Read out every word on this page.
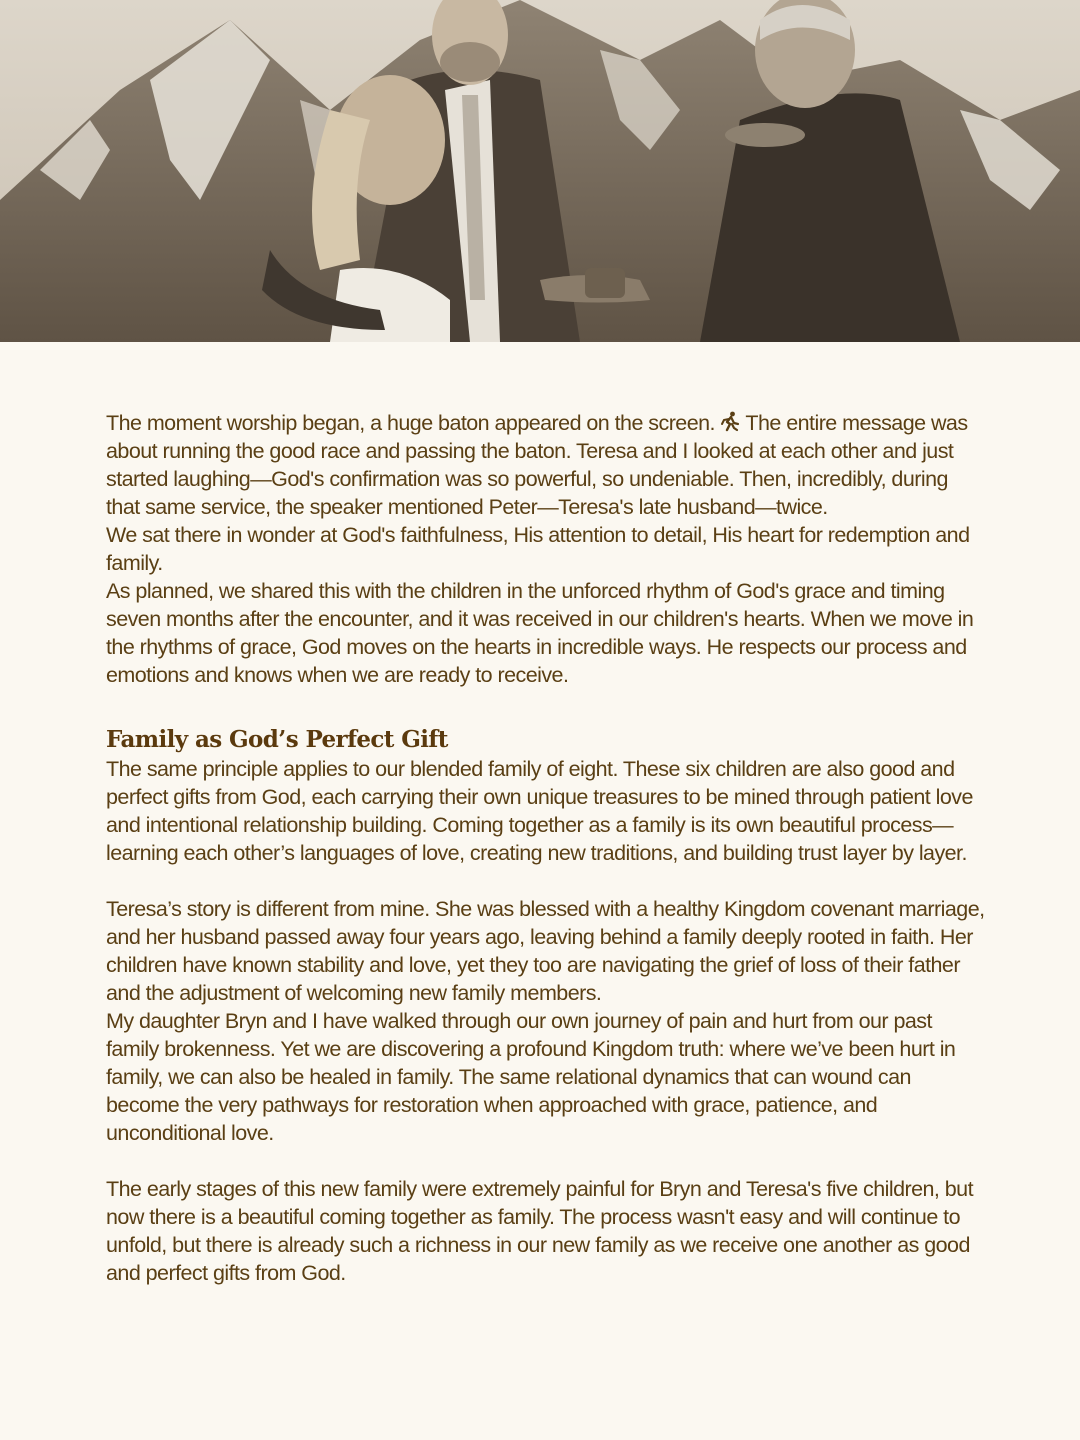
The moment worship began, a huge baton appeared on the screen.  The entire message was about running the good race and passing the baton. Teresa and I looked at each other and just started laughing—God's confirmation was so powerful, so undeniable. Then, incredibly, during that same service, the speaker mentioned Peter—Teresa's late husband—twice.

We sat there in wonder at God's faithfulness, His attention to detail, His heart for redemption and family.

As planned, we shared this with the children in the unforced rhythm of God's grace and timing seven months after the encounter, and it was received in our children's hearts. When we move in the rhythms of grace, God moves on the hearts in incredible ways. He respects our process and emotions and knows when we are ready to receive.

Family as God’s Perfect Gift

The same principle applies to our blended family of eight. These six children are also good and perfect gifts from God, each carrying their own unique treasures to be mined through patient love and intentional relationship building. Coming together as a family is its own beautiful process—learning each other’s languages of love, creating new traditions, and building trust layer by layer.

Teresa’s story is different from mine. She was blessed with a healthy Kingdom covenant marriage, and her husband passed away four years ago, leaving behind a family deeply rooted in faith. Her children have known stability and love, yet they too are navigating the grief of loss of their father and the adjustment of welcoming new family members.

My daughter Bryn and I have walked through our own journey of pain and hurt from our past family brokenness. Yet we are discovering a profound Kingdom truth: where we’ve been hurt in family, we can also be healed in family. The same relational dynamics that can wound can become the very pathways for restoration when approached with grace, patience, and unconditional love.

The early stages of this new family were extremely painful for Bryn and Teresa's five children, but now there is a beautiful coming together as family. The process wasn't easy and will continue to unfold, but there is already such a richness in our new family as we receive one another as good and perfect gifts from God.
